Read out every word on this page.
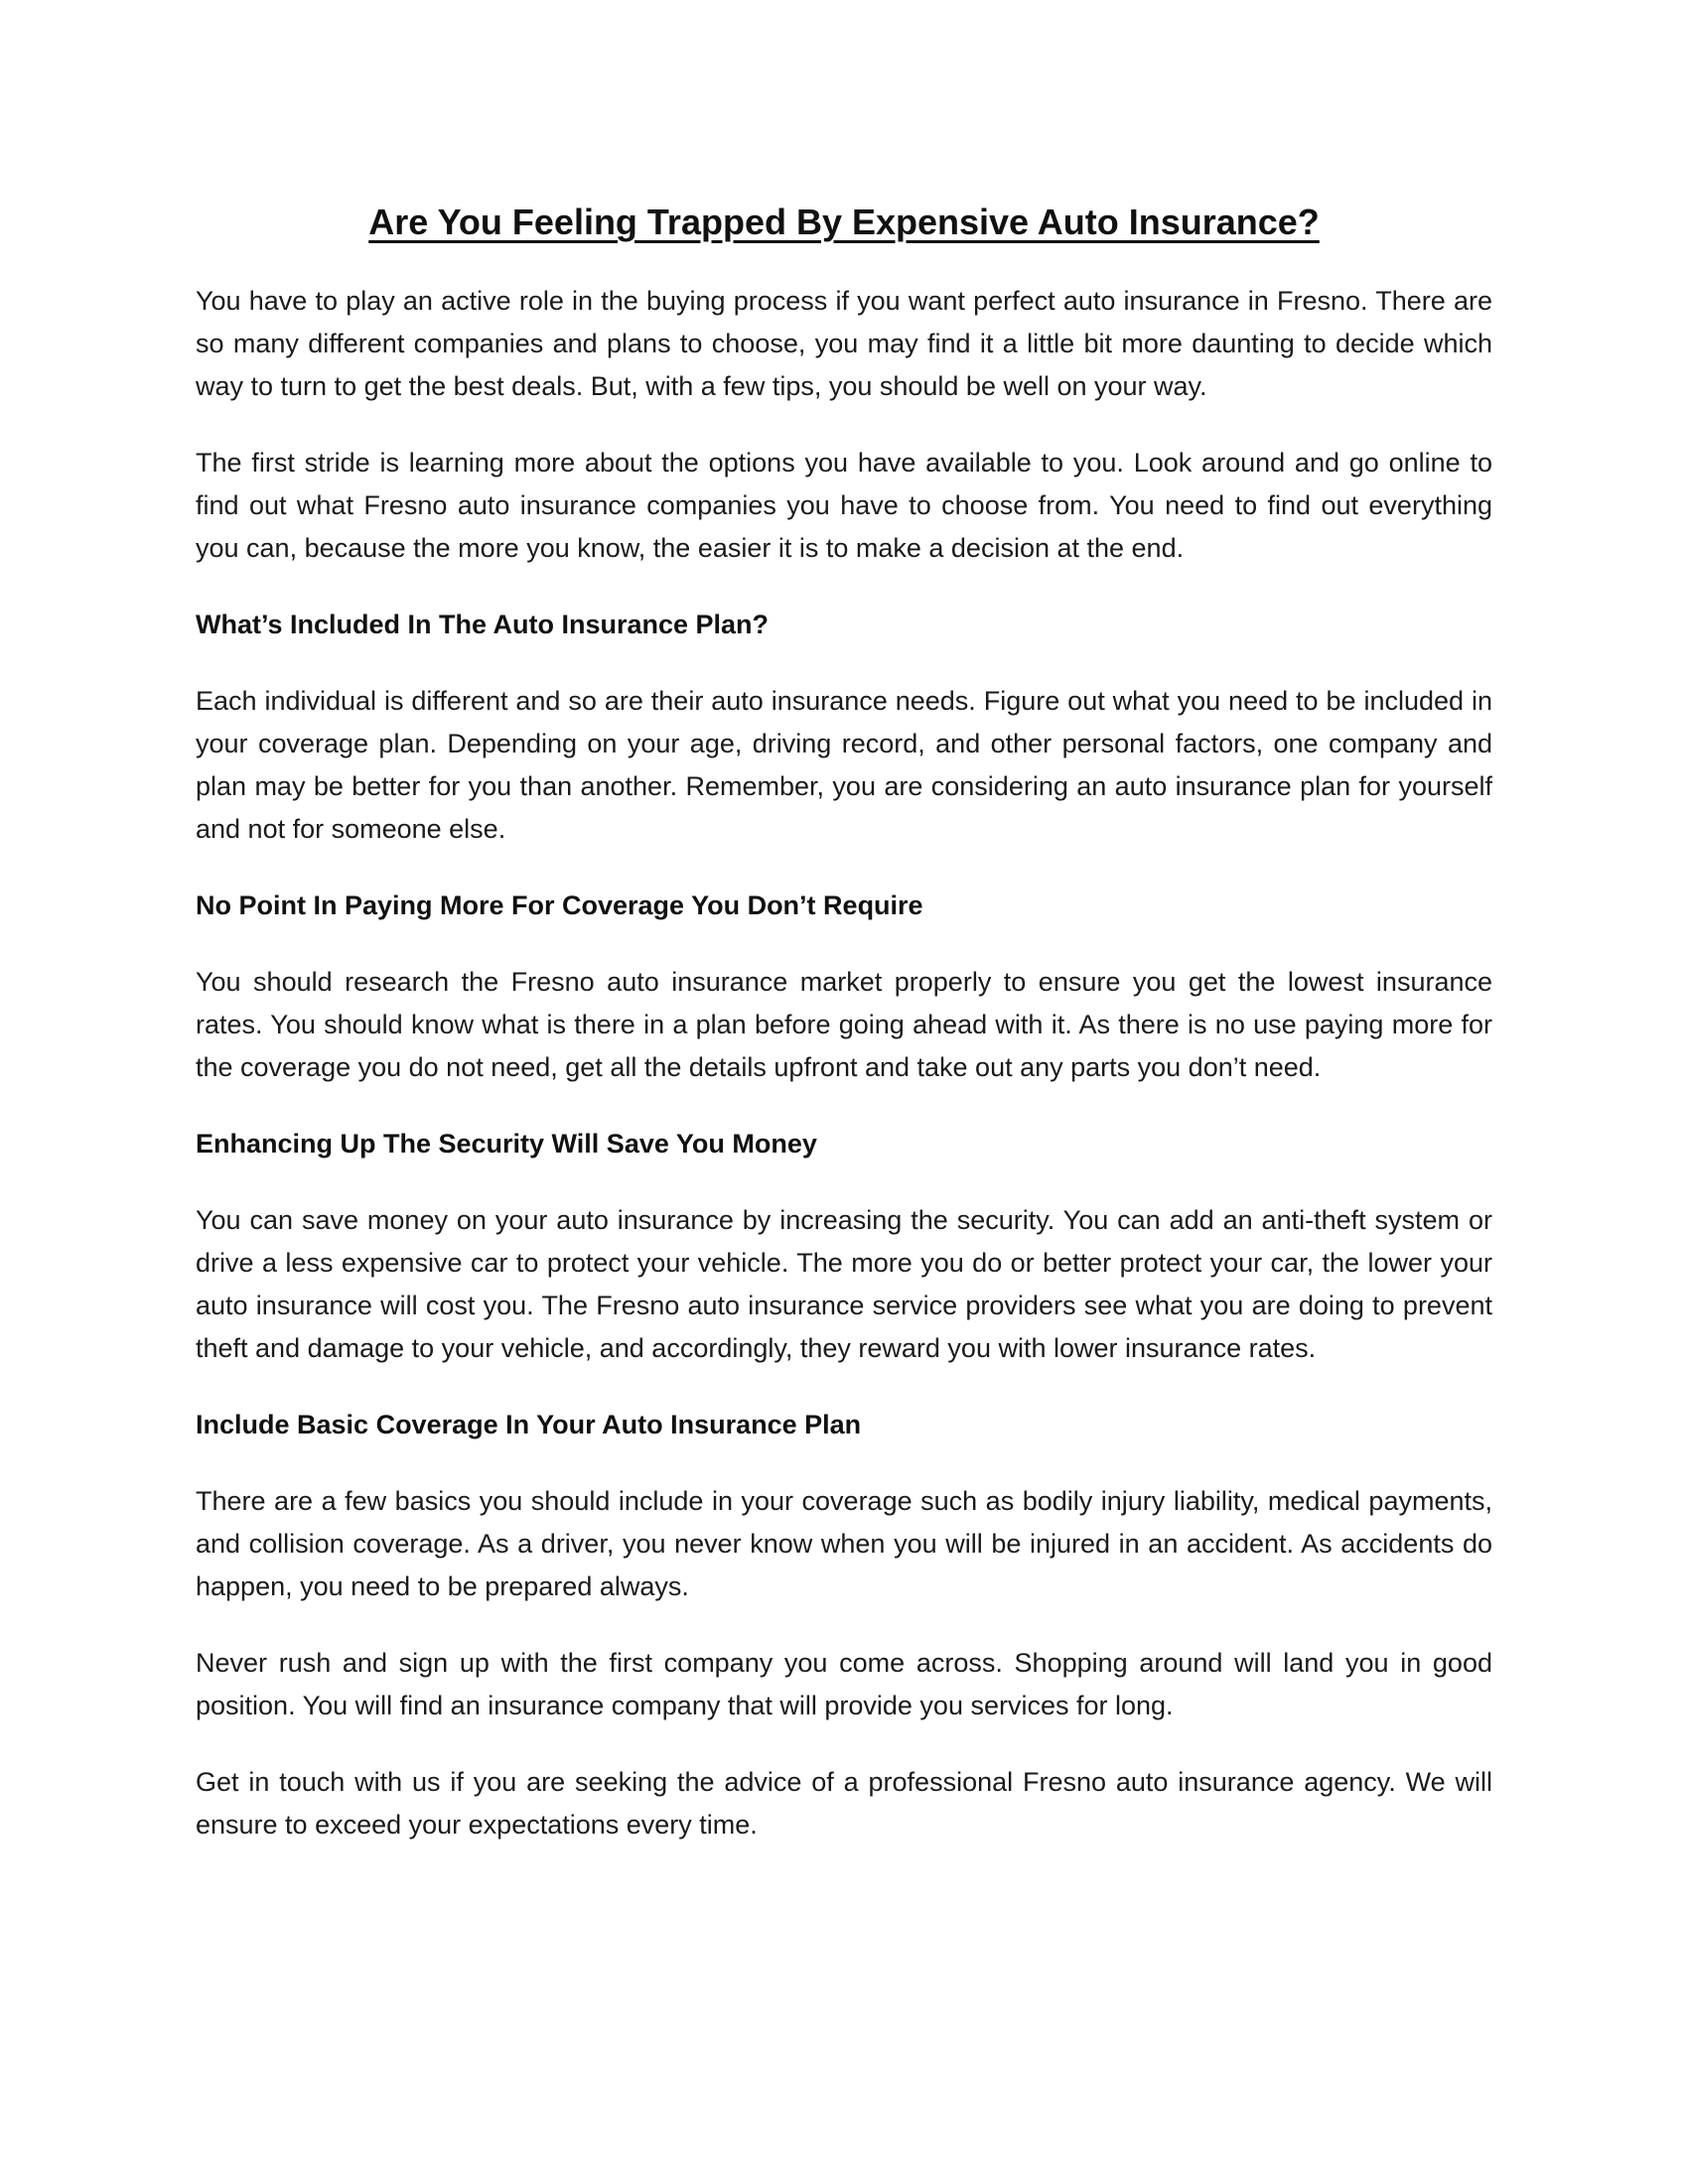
Are You Feeling Trapped By Expensive Auto Insurance?

You have to play an active role in the buying process if you want perfect auto insurance in Fresno. There are so many different companies and plans to choose, you may find it a little bit more daunting to decide which way to turn to get the best deals. But, with a few tips, you should be well on your way.

The first stride is learning more about the options you have available to you. Look around and go online to find out what Fresno auto insurance companies you have to choose from. You need to find out everything you can, because the more you know, the easier it is to make a decision at the end.

What’s Included In The Auto Insurance Plan?

Each individual is different and so are their auto insurance needs. Figure out what you need to be included in your coverage plan. Depending on your age, driving record, and other personal factors, one company and plan may be better for you than another. Remember, you are considering an auto insurance plan for yourself and not for someone else.

No Point In Paying More For Coverage You Don’t Require

You should research the Fresno auto insurance market properly to ensure you get the lowest insurance rates. You should know what is there in a plan before going ahead with it. As there is no use paying more for the coverage you do not need, get all the details upfront and take out any parts you don’t need.

Enhancing Up The Security Will Save You Money

You can save money on your auto insurance by increasing the security. You can add an anti-theft system or drive a less expensive car to protect your vehicle. The more you do or better protect your car, the lower your auto insurance will cost you. The Fresno auto insurance service providers see what you are doing to prevent theft and damage to your vehicle, and accordingly, they reward you with lower insurance rates.

Include Basic Coverage In Your Auto Insurance Plan

There are a few basics you should include in your coverage such as bodily injury liability, medical payments, and collision coverage. As a driver, you never know when you will be injured in an accident. As accidents do happen, you need to be prepared always.

Never rush and sign up with the first company you come across. Shopping around will land you in good position. You will find an insurance company that will provide you services for long.

Get in touch with us if you are seeking the advice of a professional Fresno auto insurance agency. We will ensure to exceed your expectations every time.
